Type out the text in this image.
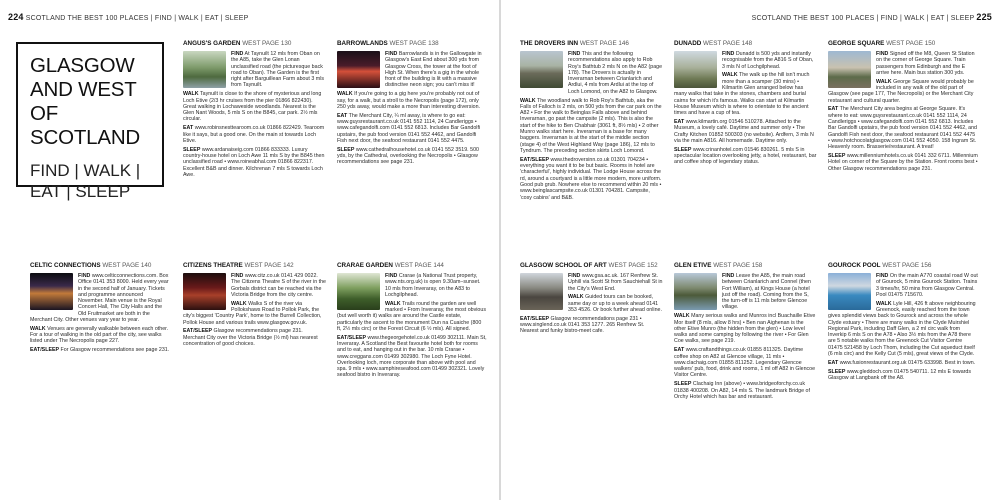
224 SCOTLAND THE BEST 100 PLACES | FIND | WALK | EAT | SLEEP	SCOTLAND THE BEST 100 PLACES | FIND | WALK | EAT | SLEEP 225
GLASGOW AND WEST OF SCOTLAND
FIND | WALK | EAT | SLEEP
ANGUS'S GARDEN WEST PAGE 130
FIND At Taynuilt 12 mls from Oban on the A85, take the Glen Lonan unclassified road (the picturesque back road to Oban). The Garden is the first right after Barguillean Farm about 3 mls from Taynuilt.
WALK Taynuilt is close to the shore of mysterious and long Loch Etive (2/3 hr cruises from the pier 01866 822430). Great walking in Lochaweside woodlands. Nearest is the Glen Nant Woods, 5 mls S on the B845, car park. 2½ mls circular.
EAT www.robinsnesttearoom.co.uk 01866 822429. Tearoom like it says, but a good one. On the main st towards Loch Etive.
SLEEP www.ardanaiseig.com 01866 833333. Luxury country-house hotel on Loch Awe 11 mls S by the B845 then unclassified road • www.roineabhal.com 01866 822317. Excellent B&B and dinner. Kilchrenan 7 mls S towards Loch Awe.
BARROWLANDS WEST PAGE 138
FIND Barrowlands is in the Gallowgate in Glasgow's East End about 300 yds from Glasgow Cross, the tower at the foot of High St. When there's a gig in the whole front of the building is lit with a massive distinctive neon sign; you can't miss it!
WALK If you're going to a gig here you're probably not out of say, for a walk, but a stroll to the Necropolis (page 172), only 250 yds away, would make a more than interesting diversion.
EAT The Merchant City, ¼ ml away, is where to go eat: www.guysrestaurant.co.uk 0141 552 1114, 24 Candleriggs • www.cafegandolfi.com 0141 552 6813. Includes Bar Gandolfi upstairs, the pub food version 0141 552 4462, and Gandolfi Fish next door, the seafood restaurant 0141 552 4475.
SLEEP www.cathedralhousehotel.co.uk 0141 552 3519. 500 yds, by the Cathedral, overlooking the Necropolis • Glasgow recommendations see page 231.
THE DROVERS INN WEST PAGE 146
FIND This and the following recommendations also apply to Rob Roy's Bathtub 2 mls N on the A82 (page 178). The Drovers is actually in Inverarnan between Crianlarich and Ardlui, 4 mls from Ardlui at the top of Loch Lomond, on the A82 to Glasgow.
WALK The woodland walk to Rob Roy's Bathtub, aka the Falls of Falloch is 2 mls, on 500 yds from the car park on the A82 • For the walk to Beinglas Falls above and behind Inverarnan, go past the campsite (2 mls). This is also the start of the hike to Ben Chabhair (3061 ft, 8½ mls) • 2 other Munro walks start here. Inverarnan is a base for many baggers. Inverarnan is at the start of the middle section (stage 4) of the West Highland Way (page 186), 12 mls to Tyndrum. The preceding section skirts Loch Lomond.
EAT/SLEEP www.thedroversinn.co.uk 01301 704234 • everything you want it to be but basic. Rooms in hotel are 'characterful', highly individual. The Lodge House across the rd, around a courtyard is a little more modern, more uniform. Good pub grub. Nowhere else to recommend within 20 mls • www.beinglascampsite.co.uk 01301 704281. Campsite, 'cosy cabins' and B&B.
DUNADD WEST PAGE 148
FIND Dunadd is 500 yds and instantly recognisable from the A816 S of Oban, 3 mls N of Lochgilphead.
WALK The walk up the hill isn't much more than a scamper (30 mins) • Kilmartin Glen arranged below has many walks that take in the stones, chambers and burial cairns for which it's famous. Walks can start at Kilmartin House Museum which is where to orientate to the ancient times and have a cup of tea.
EAT www.kilmartin.org 01546 510278. Attached to the Museum, a lovely café. Daytime and summer only • The Crafty Kitchen 01852 500303 (no website). Ardfern, 3 mls N via the main A816. All homemade. Daytime only.
SLEEP www.crinanhotel.com 01546 830261. 5 mls S in spectacular location overlooking jetty, a hotel, restaurant, bar and coffee shop of legendary status.
GEORGE SQUARE WEST PAGE 150
FIND Signed off the M8, Queen St Station on the corner of George Square. Train passengers from Edinburgh and the E arrive here. Main bus station 300 yds.
WALK George Square would probably be included in any walk of the old part of Glasgow (see page 177, The Necropolis) or the Merchant City restaurant and cultural quarter.
EAT The Merchant City area begins at George Square. It's where to eat: www.guysrestaurant.co.uk 0141 552 1114, 24 Candleriggs • www.cafegandolfi.com 0141 552 6813. Includes Bar Gandolfi upstairs, the pub food version 0141 552 4462, and Gandolfi Fish next door, the seafood restaurant 0141 552 4475 • www.hotchocolatglasgow.com 0141 552 4050. 158 Ingram St. Heavenly room. Brasserie/restaurant. A treat!
SLEEP www.millenniumhotels.co.uk 0141 332 6711. Millennium Hotel on corner of the Square by the Station. Front rooms best • Other Glasgow recommendations page 231.
CELTIC CONNECTIONS WEST PAGE 140
FIND www.celticconnections.com. Box Office 0141 353 8000. Held every year in the second half of January. Tickets and programme announced November. Main venue is the Royal Concert Hall, The City Halls and the Old Fruitmarket are both in the Merchant City. Other venues vary year to year.
WALK Venues are generally walkable between each other. For a tour of walking in the old part of the city, see walks listed under The Necropolis page 227.
EAT/SLEEP For Glasgow recommendations see page 231.
CITIZENS THEATRE WEST PAGE 142
FIND www.citz.co.uk 0141 429 0022. The Citizens Theatre S of the river in the Gorbals district can be reached via the Victoria Bridge from the city centre.
WALK Walks S of the river via Pollokshaws Road to Pollok Park, the city's biggest 'Country Park', home to the Burrell Collection, Pollok House and various trails www.glasgow.gov.uk.
EAT/SLEEP Glasgow recommendations page 231. Merchant City over the Victoria Bridge (½ ml) has nearest concentration of good choices.
CRARAE GARDEN WEST PAGE 144
FIND Crarae (a National Trust property, www.nts.org.uk) is open 9.30am–sunset. 10 mls from Inveraray, on the A83 to Lochgilphead.
WALK Trails round the garden are well marked • From Inveraray, the most obvious (but well worth it) walks are around the Castle estate, particularly the ascent to the monument Dun na Cuaiche (800 ft, 2½ mls circ) or the Forest Circuit (6 ½ mls). All signed.
EAT/SLEEP www.thegeorgehotel.co.uk 01499 302111. Main St, Inveraray. A Scotland the Best favourite hotel both for rooms and to eat, and hanging out in the bar. 10 mls Crarae • www.creggans.com 01499 302980. The Loch Fyne Hotel. Overlooking loch, more corporate than above with pool and spa. 9 mls • www.samphireseafood.com 01499 302321. Lovely seafood bistro in Inveraray.
GLASGOW SCHOOL OF ART WEST PAGE 152
FIND www.gsa.ac.uk. 167 Renfrew St. Uphill via Scott St from Sauchiehall St in the City's West End.
WALK Guided tours can be booked, same day or up to a week ahead 0141 353 4526. Or book further ahead online.
EAT/SLEEP Glasgow recommendations page 231 • www.singlend.co.uk 0141 353 1277. 265 Renfrew St. Nearest and funky bistro-meet cafe.
GLEN ETIVE WEST PAGE 158
FIND Leave the A85, the main road between Crianlarich and Connel (then Fort William), at Kings House (a hotel just off the road). Coming from the S, the turn-off is 11 mls before Glencoe village.
WALK Many serious walks and Munros incl Buachaille Etive Mor itself (8 mls, allow 8 hrs) • Ben nan Aighenan is the other Etive Munro (the hidden from the glen) • Low level walks and some camping by following the river • For Glen Coe walks, see page 219.
EAT www.craftandthings.co.uk 01855 811325. Daytime coffee shop on A82 at Glencoe village, 11 mls • www.clachaig.com 01855 811252. Legendary Glencoe walkers' pub, food, drink and rooms, 1 ml off A82 in Glencoe Visitor Centre.
SLEEP Clachaig Inn (above) • www.bridgeoforchy.co.uk 01838 400208. On A82, 14 mls S. The landmark Bridge of Orchy Hotel which has bar and restaurant.
GOUROCK POOL WEST PAGE 156
FIND On the main A770 coastal road W out of Gourock, 5 mins Gourock Station. Trains 3 times/hr, 50 mins from Glasgow Central. Pool 01475 715670.
WALK Lyle Hill, 426 ft above neighbouring Greenock, easily reached from the town gives splendid views back to Gourock and across the whole Clyde estuary • There are many walks in the Clyde Muirshiel Regional Park, including Daff Glen, a 2 ml circ walk from Inverkip 6 mls S on the A78 • Also 3½ mls from the A78 there are 5 notable walks from the Greenock Cut Visitor Centre 01475 521458 by Loch Thom, including the Cut aqueduct itself (6 mls circ) and the Kelly Cut (5 mls), great views of the Clyde.
EAT www.fusionrestaurant.org.uk 01475 633998. Best in town.
SLEEP www.gleddoch.com 01475 540711. 12 mls E towards Glasgow at Langbank off the A8.
